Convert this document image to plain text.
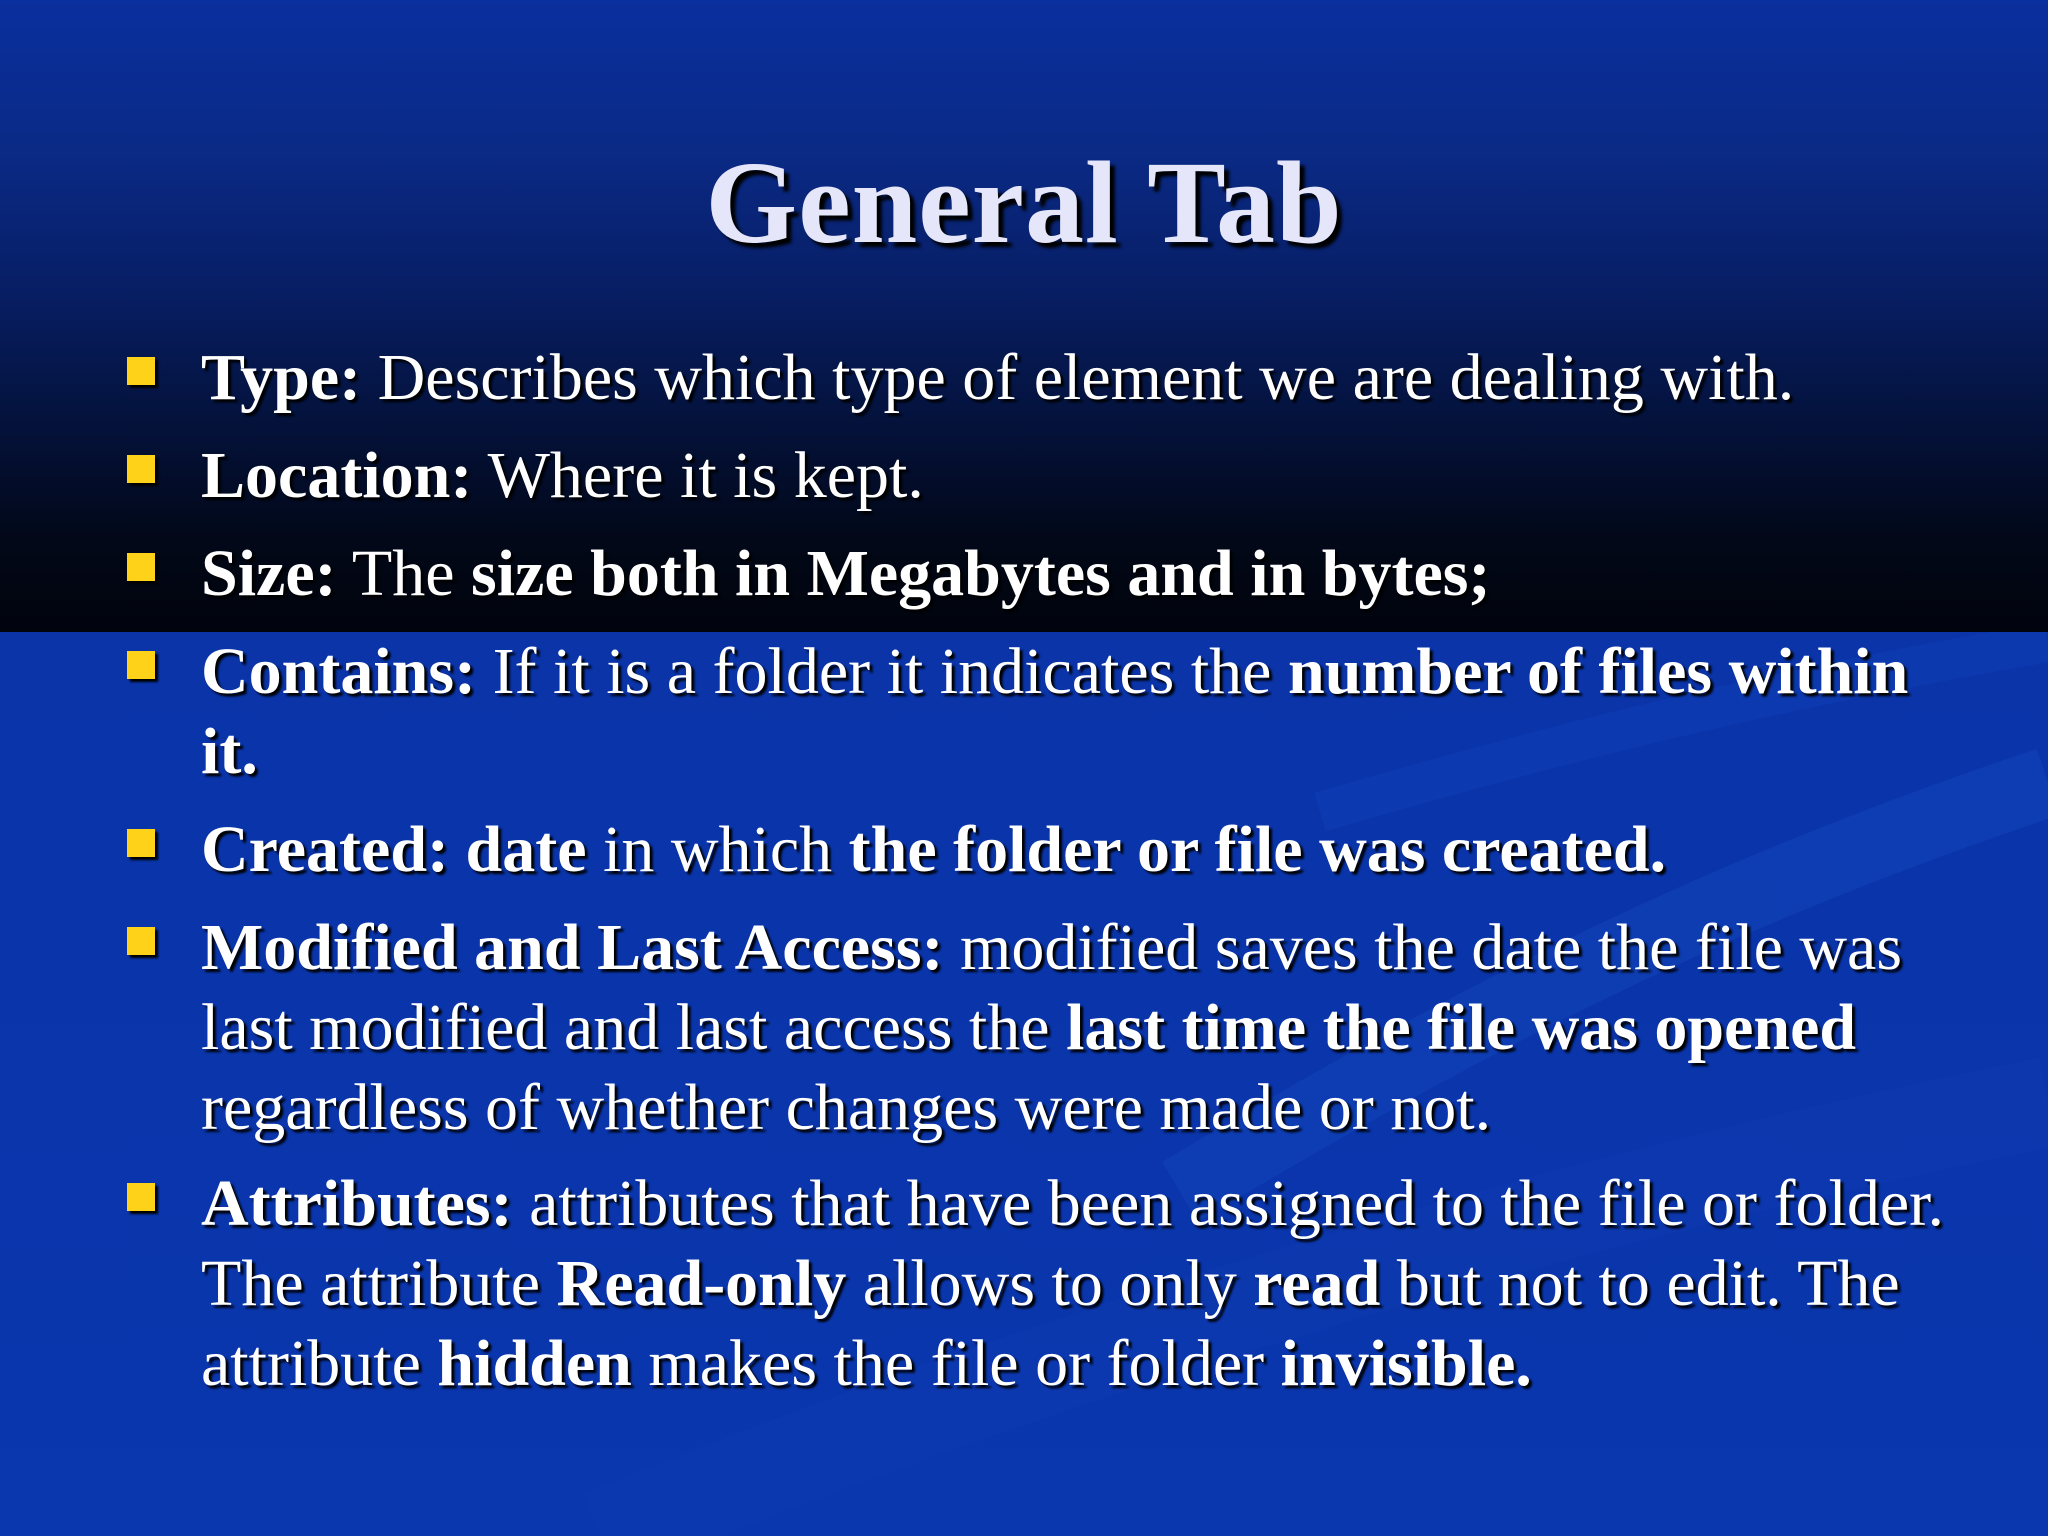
General Tab
Type: Describes which type of element we are dealing with.
Location: Where it is kept.
Size: The size both in Megabytes and in bytes;
Contains: If it is a folder it indicates the number of files within it.
Created: date in which the folder or file was created.
Modified and Last Access: modified saves the date the file was last modified and last access the last time the file was opened regardless of whether changes were made or not.
Attributes: attributes that have been assigned to the file or folder. The attribute Read-only allows to only read but not to edit. The attribute hidden makes the file or folder invisible.
